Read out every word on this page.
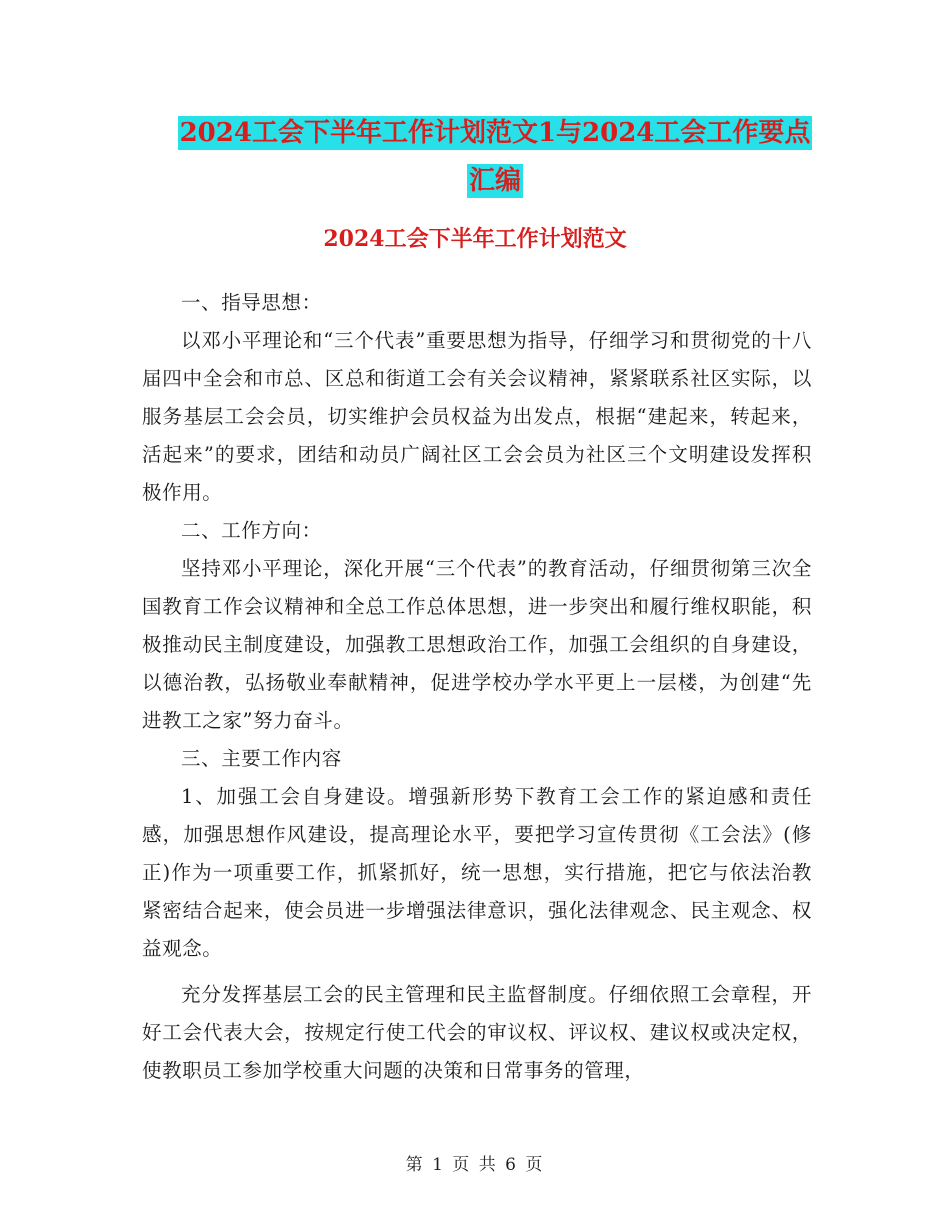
2024工会下半年工作计划范文1与2024工会工作要点
汇编
2024工会下半年工作计划范文

一、指导思想：

以邓小平理论和“三个代表”重要思想为指导，仔细学习和贯彻党的十八届四中全会和市总、区总和街道工会有关会议精神，紧紧联系社区实际，以服务基层工会会员，切实维护会员权益为出发点，根据“建起来，转起来，活起来”的要求，团结和动员广阔社区工会会员为社区三个文明建设发挥积极作用。

二、工作方向：

坚持邓小平理论，深化开展“三个代表”的教育活动，仔细贯彻第三次全国教育工作会议精神和全总工作总体思想，进一步突出和履行维权职能，积极推动民主制度建设，加强教工思想政治工作，加强工会组织的自身建设，以德治教，弘扬敬业奉献精神，促进学校办学水平更上一层楼，为创建“先进教工之家”努力奋斗。

三、主要工作内容

1、加强工会自身建设。增强新形势下教育工会工作的紧迫感和责任感，加强思想作风建设，提高理论水平，要把学习宣传贯彻《工会法》(修正)作为一项重要工作，抓紧抓好，统一思想，实行措施，把它与依法治教紧密结合起来，使会员进一步增强法律意识，强化法律观念、民主观念、权益观念。

充分发挥基层工会的民主管理和民主监督制度。仔细依照工会章程，开好工会代表大会，按规定行使工代会的审议权、评议权、建议权或决定权，使教职员工参加学校重大问题的决策和日常事务的管理，

第 1 页 共 6 页
